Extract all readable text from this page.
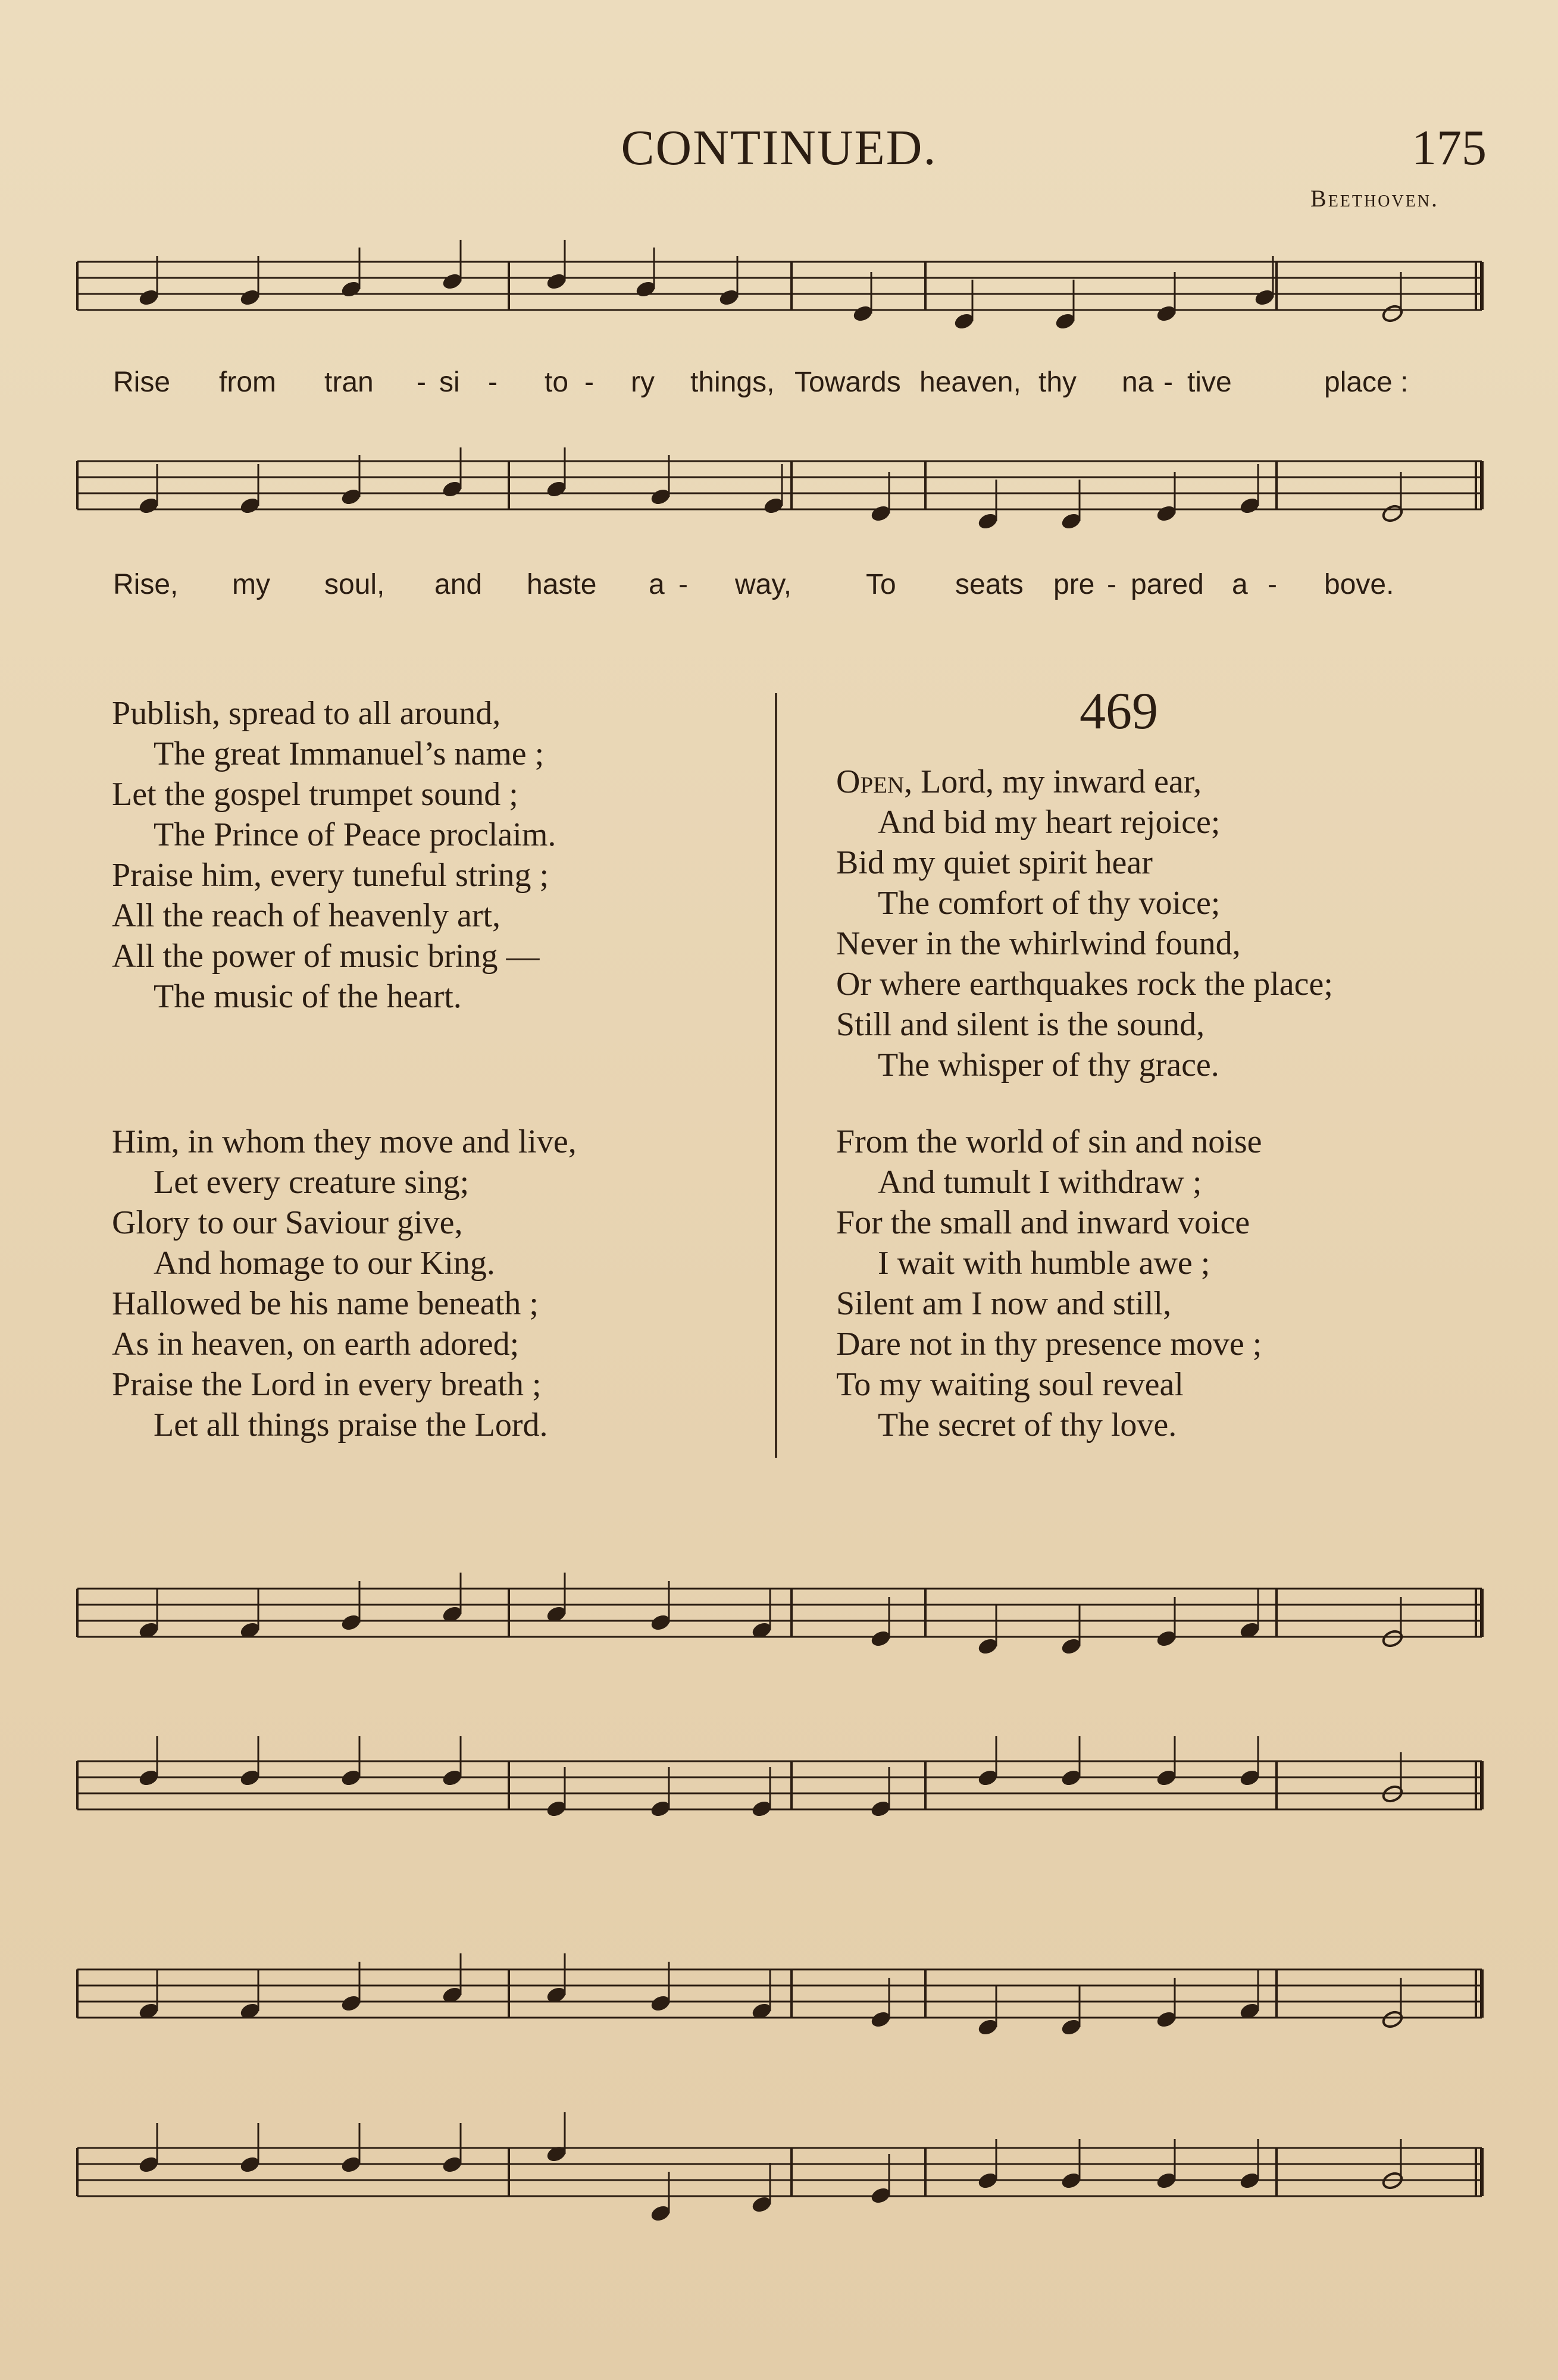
CONTINUED.	175
Beethoven.
Rise from tran - si - to - ry things, Towards heaven, thy na - tive	place :
Rise, my soul, and haste a - way,	To seats pre - pared a - bove.

Publish, spread to all around,

The great Immanuel’s name ;

Let the gospel trumpet sound ;

The Prince of Peace proclaim.

Praise him, every tuneful string ;

All the reach of heavenly art,

All the power of music bring —

The music of the heart.

Him, in whom they move and live,

Let every creature sing;

Glory to our Saviour give,

And homage to our King.

Hallowed be his name beneath ;

As in heaven, on earth adored;

Praise the Lord in every breath ;

Let all things praise the Lord.

469

Open, Lord, my inward ear,

And bid my heart rejoice;

Bid my quiet spirit hear

The comfort of thy voice;

Never in the whirlwind found,

Or where earthquakes rock the place;

Still and silent is the sound,

The whisper of thy grace.

From the world of sin and noise

And tumult I withdraw ;

For the small and inward voice

I wait with humble awe ;

Silent am I now and still,

Dare not in thy presence move ;

To my waiting soul reveal

The secret of thy love.
